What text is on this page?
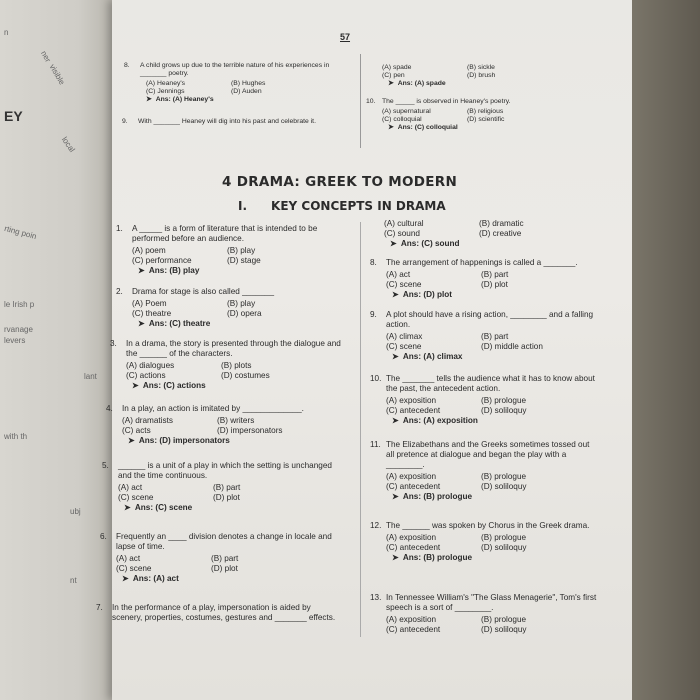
n
ner
visible
EY
local
rting poin
le Irish p
rvanage
levers
lant
with th
ubj
nt
57
8. A child grows up due to the terrible nature of his experiences in _______ poetry.
(A) Heaney's	(B) Hughes
(C) Jennings	(D) Auden
➤ Ans: (A) Heaney's
9. With _______ Heaney will dig into his past and celebrate it.
(A) spade	(B) sickle
(C) pen	(D) brush
➤ Ans: (A) spade
10. The _____ is observed in Heaney's poetry.
(A) supernatural	(B) religious
(C) colloquial	(D) scientific
➤ Ans: (C) colloquial
4 DRAMA: GREEK TO MODERN
I. KEY CONCEPTS IN DRAMA
1. A _____ is a form of literature that is intended to be performed before an audience.
(A) poem	(B) play
(C) performance	(D) stage
➤ Ans: (B) play
2. Drama for stage is also called _______
(A) Poem	(B) play
(C) theatre	(D) opera
➤ Ans: (C) theatre
3. In a drama, the story is presented through the dialogue and the ______ of the characters.
(A) dialogues	(B) plots
(C) actions	(D) costumes
➤ Ans: (C) actions
4. In a play, an action is imitated by _____________.
(A) dramatists	(B) writers
(C) acts	(D) impersonators
➤ Ans: (D) impersonators
5. ______ is a unit of a play in which the setting is unchanged and the time continuous.
(A) act	(B) part
(C) scene	(D) plot
➤ Ans: (C) scene
6. Frequently an ____ division denotes a change in locale and lapse of time.
(A) act	(B) part
(C) scene	(D) plot
➤ Ans: (A) act
7. In the performance of a play, impersonation is aided by scenery, properties, costumes, gestures and _______ effects.
(A) cultural	(B) dramatic
(C) sound	(D) creative
➤ Ans: (C) sound
8. The arrangement of happenings is called a _______.
(A) act	(B) part
(C) scene	(D) plot
➤ Ans: (D) plot
9. A plot should have a rising action, ________ and a falling action.
(A) climax	(B) part
(C) scene	(D) middle action
➤ Ans: (A) climax
10. The _______ tells the audience what it has to know about the past, the antecedent action.
(A) exposition	(B) prologue
(C) antecedent	(D) soliloquy
➤ Ans: (A) exposition
11. The Elizabethans and the Greeks sometimes tossed out all pretence at dialogue and began the play with a ________.
(A) exposition	(B) prologue
(C) antecedent	(D) soliloquy
➤ Ans: (B) prologue
12. The ______ was spoken by Chorus in the Greek drama.
(A) exposition	(B) prologue
(C) antecedent	(D) soliloquy
➤ Ans: (B) prologue
13. In Tennessee William's "The Glass Menagerie", Tom's first speech is a sort of ________.
(A) exposition	(B) prologue
(C) antecedent	(D) soliloquy
